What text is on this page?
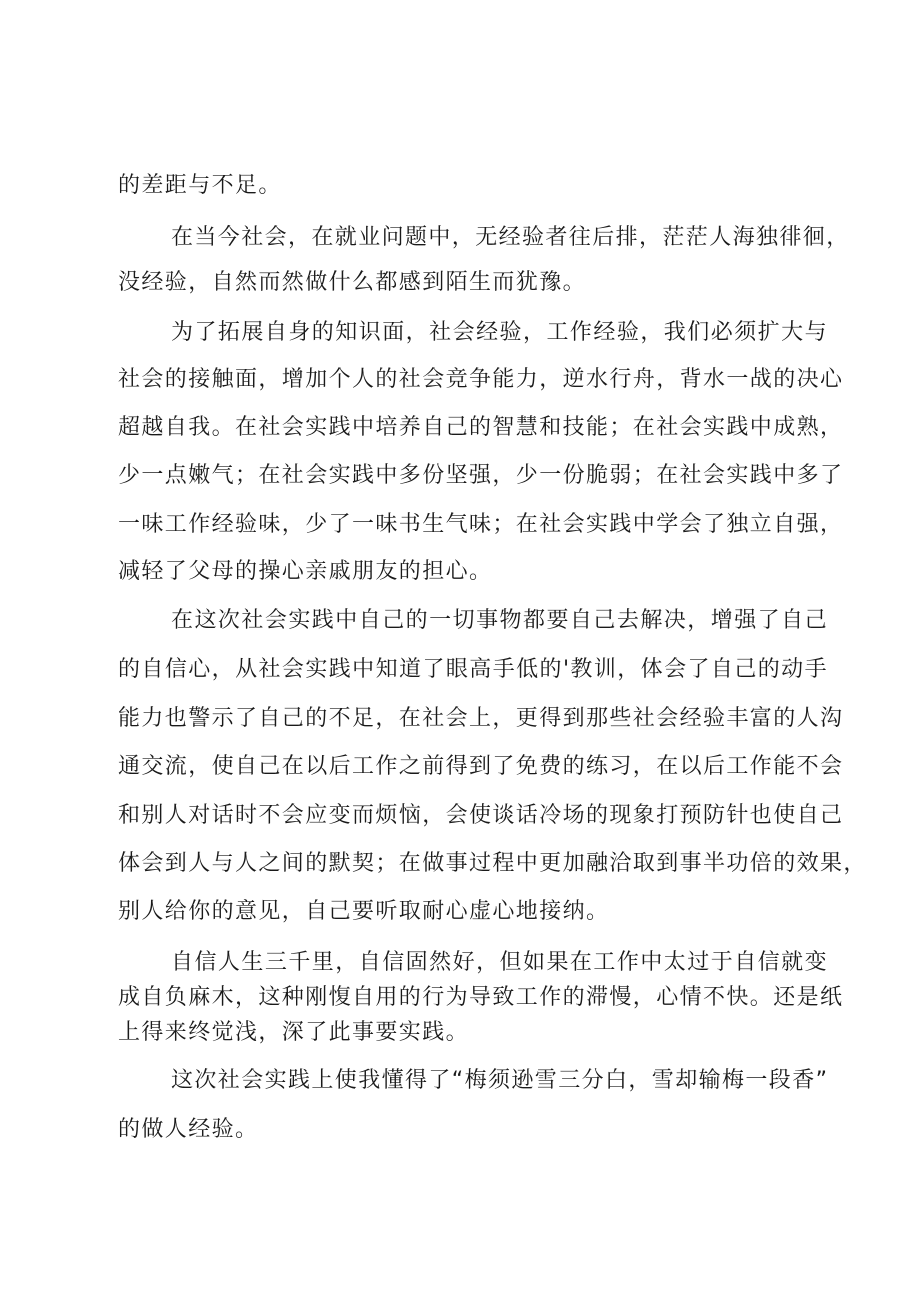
的差距与不足。
在当今社会，在就业问题中，无经验者往后排，茫茫人海独徘徊，
没经验，自然而然做什么都感到陌生而犹豫。
为了拓展自身的知识面，社会经验，工作经验，我们必须扩大与
社会的接触面，增加个人的社会竞争能力，逆水行舟，背水一战的决心
超越自我。在社会实践中培养自己的智慧和技能；在社会实践中成熟，
少一点嫩气；在社会实践中多份坚强，少一份脆弱；在社会实践中多了
一味工作经验味，少了一味书生气味；在社会实践中学会了独立自强，
减轻了父母的操心亲戚朋友的担心。
在这次社会实践中自己的一切事物都要自己去解决，增强了自己
的自信心，从社会实践中知道了眼高手低的'教训，体会了自己的动手
能力也警示了自己的不足，在社会上，更得到那些社会经验丰富的人沟
通交流，使自己在以后工作之前得到了免费的练习，在以后工作能不会
和别人对话时不会应变而烦恼，会使谈话冷场的现象打预防针也使自己
体会到人与人之间的默契；在做事过程中更加融洽取到事半功倍的效果，
别人给你的意见，自己要听取耐心虚心地接纳。
自信人生三千里，自信固然好，但如果在工作中太过于自信就变
成自负麻木，这种刚愎自用的行为导致工作的滞慢，心情不快。还是纸
上得来终觉浅，深了此事要实践。
这次社会实践上使我懂得了“梅须逊雪三分白，雪却输梅一段香”
的做人经验。
